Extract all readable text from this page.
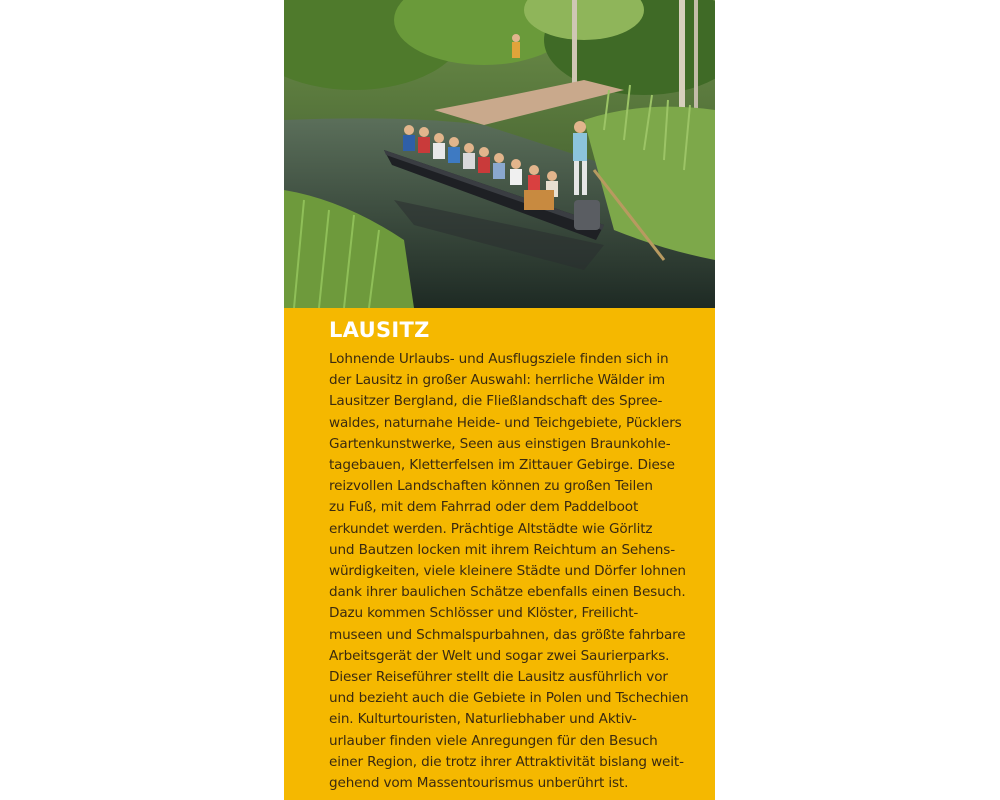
LAUSITZ
Lohnende Urlaubs- und Ausflugsziele finden sich in
der Lausitz in großer Auswahl: herrliche Wälder im
Lausitzer Bergland, die Fließlandschaft des Spree-
waldes, naturnahe Heide- und Teichgebiete, Pücklers
Gartenkunstwerke, Seen aus einstigen Braunkohle-
tagebauen, Kletterfelsen im Zittauer Gebirge. Diese
reizvollen Landschaften können zu großen Teilen
zu Fuß, mit dem Fahrrad oder dem Paddelboot
erkundet werden. Prächtige Altstädte wie Görlitz
und Bautzen locken mit ihrem Reichtum an Sehens-
würdigkeiten, viele kleinere Städte und Dörfer lohnen
dank ihrer baulichen Schätze ebenfalls einen Besuch.
Dazu kommen Schlösser und Klöster, Freilicht-
museen und Schmalspurbahnen, das größte fahrbare
Arbeitsgerät der Welt und sogar zwei Saurierparks.
Dieser Reiseführer stellt die Lausitz ausführlich vor
und bezieht auch die Gebiete in Polen und Tschechien
ein. Kulturtouristen, Naturliebhaber und Aktiv-
urlauber finden viele Anregungen für den Besuch
einer Region, die trotz ihrer Attraktivität bislang weit-
gehend vom Massentourismus unberührt ist.
